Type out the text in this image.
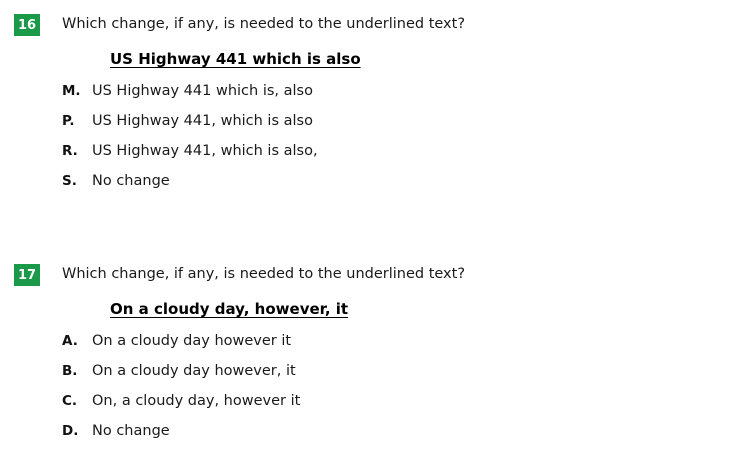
16 Which change, if any, is needed to the underlined text?
US Highway 441 which is also
M. US Highway 441 which is, also
P.	US Highway 441, which is also
R. US Highway 441, which is also,
S.	No change
17 Which change, if any, is needed to the underlined text?
On a cloudy day, however, it
A. On a cloudy day however it
B.	On a cloudy day however, it
C.	On, a cloudy day, however it
D. No change
